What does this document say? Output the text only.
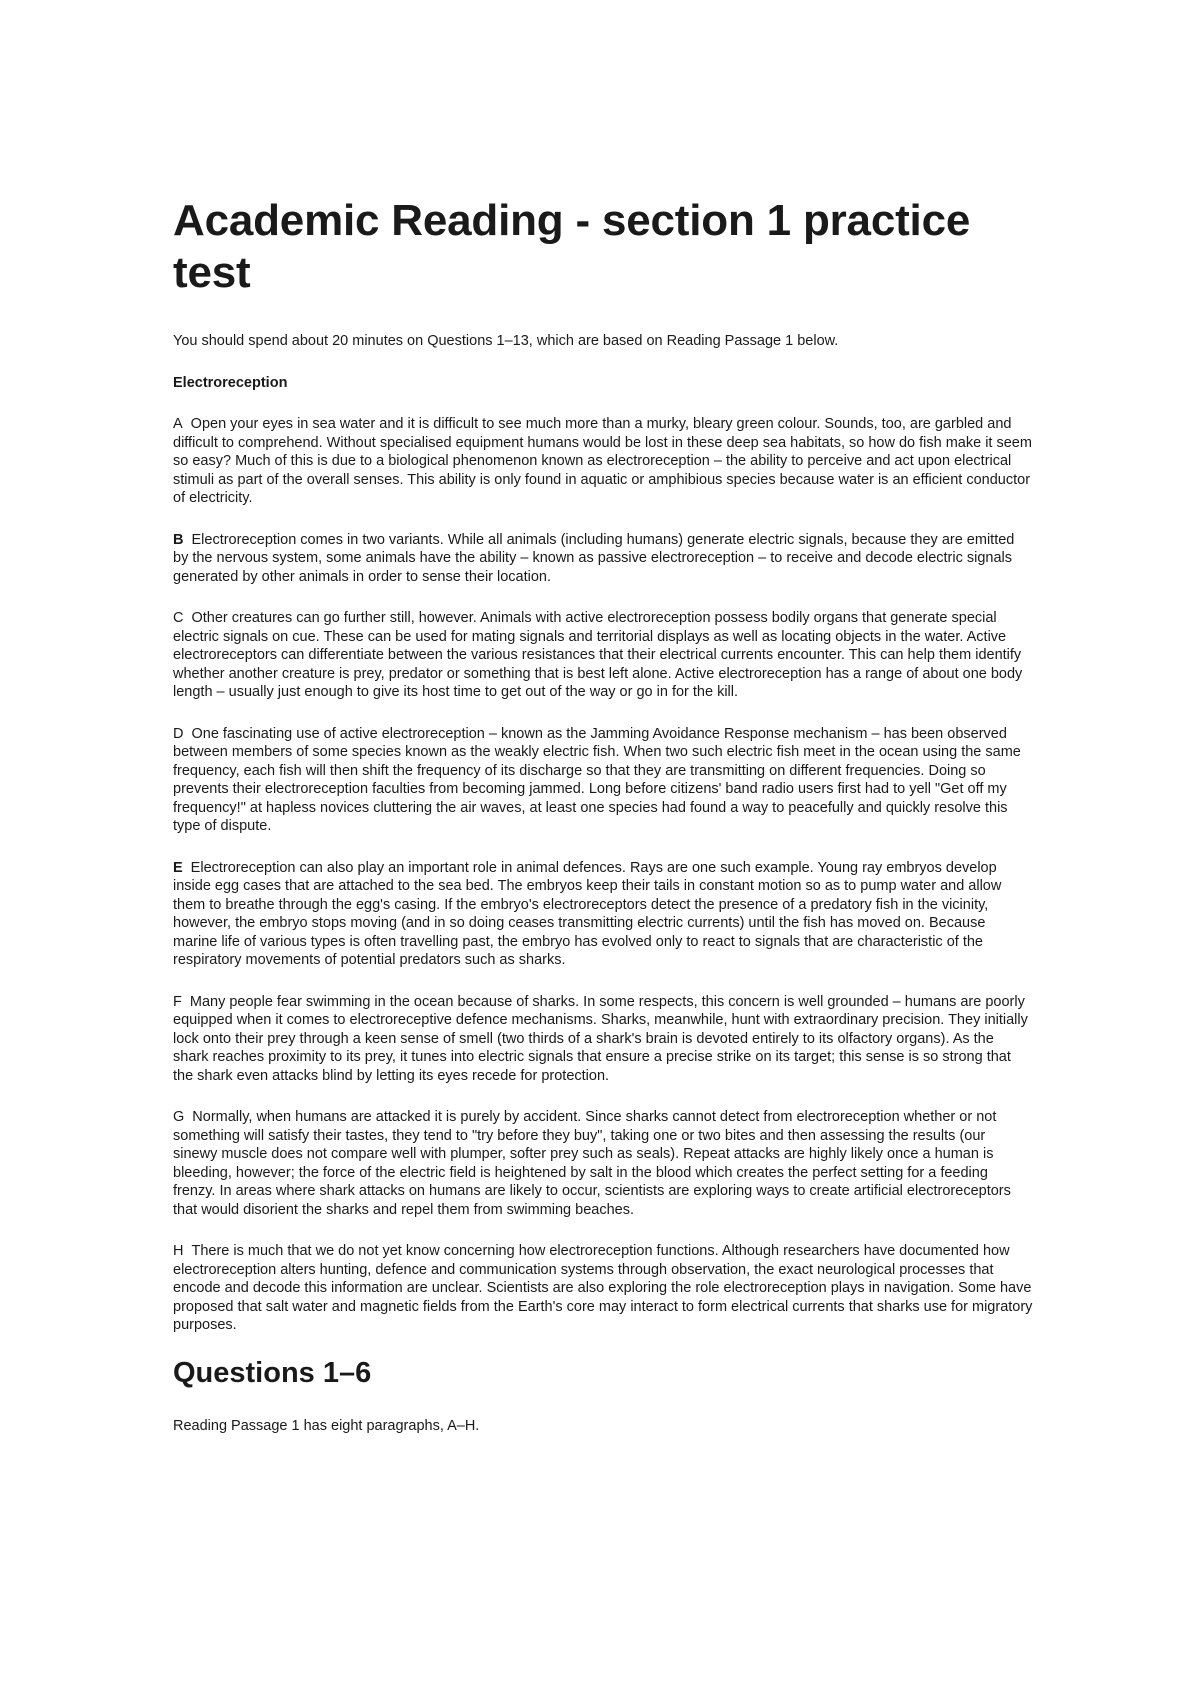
Academic Reading - section 1 practice test

You should spend about 20 minutes on Questions 1–13, which are based on Reading Passage 1 below.

Electroreception

A Open your eyes in sea water and it is difficult to see much more than a murky, bleary green colour. Sounds, too, are garbled and difficult to comprehend. Without specialised equipment humans would be lost in these deep sea habitats, so how do fish make it seem so easy? Much of this is due to a biological phenomenon known as electroreception – the ability to perceive and act upon electrical stimuli as part of the overall senses. This ability is only found in aquatic or amphibious species because water is an efficient conductor of electricity.

B Electroreception comes in two variants. While all animals (including humans) generate electric signals, because they are emitted by the nervous system, some animals have the ability – known as passive electroreception – to receive and decode electric signals generated by other animals in order to sense their location.

C Other creatures can go further still, however. Animals with active electroreception possess bodily organs that generate special electric signals on cue. These can be used for mating signals and territorial displays as well as locating objects in the water. Active electroreceptors can differentiate between the various resistances that their electrical currents encounter. This can help them identify whether another creature is prey, predator or something that is best left alone. Active electroreception has a range of about one body length – usually just enough to give its host time to get out of the way or go in for the kill.

D One fascinating use of active electroreception – known as the Jamming Avoidance Response mechanism – has been observed between members of some species known as the weakly electric fish. When two such electric fish meet in the ocean using the same frequency, each fish will then shift the frequency of its discharge so that they are transmitting on different frequencies. Doing so prevents their electroreception faculties from becoming jammed. Long before citizens' band radio users first had to yell "Get off my frequency!" at hapless novices cluttering the air waves, at least one species had found a way to peacefully and quickly resolve this type of dispute.

E Electroreception can also play an important role in animal defences. Rays are one such example. Young ray embryos develop inside egg cases that are attached to the sea bed. The embryos keep their tails in constant motion so as to pump water and allow them to breathe through the egg's casing. If the embryo's electroreceptors detect the presence of a predatory fish in the vicinity, however, the embryo stops moving (and in so doing ceases transmitting electric currents) until the fish has moved on. Because marine life of various types is often travelling past, the embryo has evolved only to react to signals that are characteristic of the respiratory movements of potential predators such as sharks.

F Many people fear swimming in the ocean because of sharks. In some respects, this concern is well grounded – humans are poorly equipped when it comes to electroreceptive defence mechanisms. Sharks, meanwhile, hunt with extraordinary precision. They initially lock onto their prey through a keen sense of smell (two thirds of a shark's brain is devoted entirely to its olfactory organs). As the shark reaches proximity to its prey, it tunes into electric signals that ensure a precise strike on its target; this sense is so strong that the shark even attacks blind by letting its eyes recede for protection.

G Normally, when humans are attacked it is purely by accident. Since sharks cannot detect from electroreception whether or not something will satisfy their tastes, they tend to "try before they buy", taking one or two bites and then assessing the results (our sinewy muscle does not compare well with plumper, softer prey such as seals). Repeat attacks are highly likely once a human is bleeding, however; the force of the electric field is heightened by salt in the blood which creates the perfect setting for a feeding frenzy. In areas where shark attacks on humans are likely to occur, scientists are exploring ways to create artificial electroreceptors that would disorient the sharks and repel them from swimming beaches.

H There is much that we do not yet know concerning how electroreception functions. Although researchers have documented how electroreception alters hunting, defence and communication systems through observation, the exact neurological processes that encode and decode this information are unclear. Scientists are also exploring the role electroreception plays in navigation. Some have proposed that salt water and magnetic fields from the Earth's core may interact to form electrical currents that sharks use for migratory purposes.

Questions 1–6

Reading Passage 1 has eight paragraphs, A–H.
